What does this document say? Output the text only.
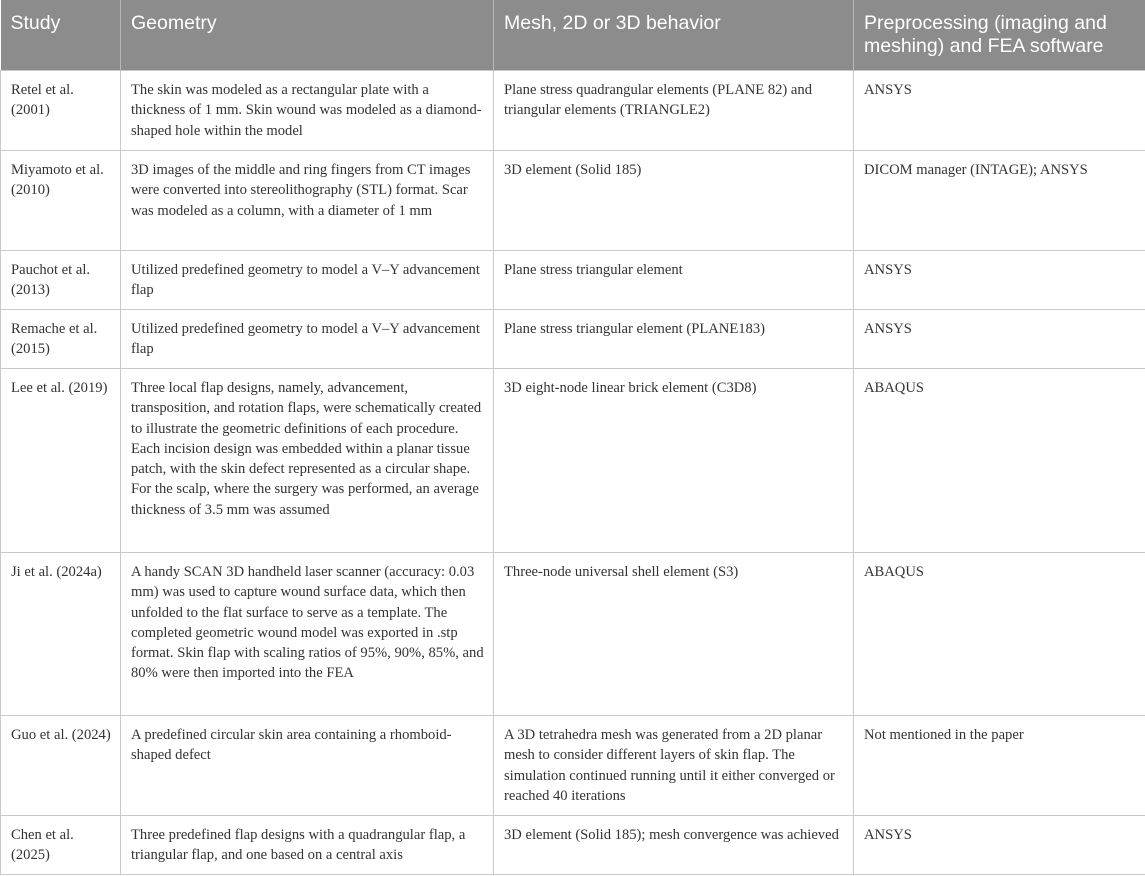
Study	Geometry	Mesh, 2D or 3D behavior	Preprocessing (imaging and meshing) and FEA software
Retel et al. (2001)	The skin was modeled as a rectangular plate with a thickness of 1 mm. Skin wound was modeled as a diamond-shaped hole within the model	Plane stress quadrangular elements (PLANE 82) and triangular elements (TRIANGLE2)	ANSYS
Miyamoto et al. (2010)	3D images of the middle and ring fingers from CT images were converted into stereolithography (STL) format. Scar was modeled as a column, with a diameter of 1 mm	3D element (Solid 185)	DICOM manager (INTAGE); ANSYS
Pauchot et al. (2013)	Utilized predefined geometry to model a V–Y advancement flap	Plane stress triangular element	ANSYS
Remache et al. (2015)	Utilized predefined geometry to model a V–Y advancement flap	Plane stress triangular element (PLANE183)	ANSYS
Lee et al. (2019)	Three local flap designs, namely, advancement, transposition, and rotation flaps, were schematically created to illustrate the geometric definitions of each procedure. Each incision design was embedded within a planar tissue patch, with the skin defect represented as a circular shape. For the scalp, where the surgery was performed, an average thickness of 3.5 mm was assumed	3D eight-node linear brick element (C3D8)	ABAQUS
Ji et al. (2024a)	A handy SCAN 3D handheld laser scanner (accuracy: 0.03 mm) was used to capture wound surface data, which then unfolded to the flat surface to serve as a template. The completed geometric wound model was exported in .stp format. Skin flap with scaling ratios of 95%, 90%, 85%, and 80% were then imported into the FEA	Three-node universal shell element (S3)	ABAQUS
Guo et al. (2024)	A predefined circular skin area containing a rhomboid-shaped defect	A 3D tetrahedra mesh was generated from a 2D planar mesh to consider different layers of skin flap. The simulation continued running until it either converged or reached 40 iterations	Not mentioned in the paper
Chen et al. (2025)	Three predefined flap designs with a quadrangular flap, a triangular flap, and one based on a central axis	3D element (Solid 185); mesh convergence was achieved	ANSYS
